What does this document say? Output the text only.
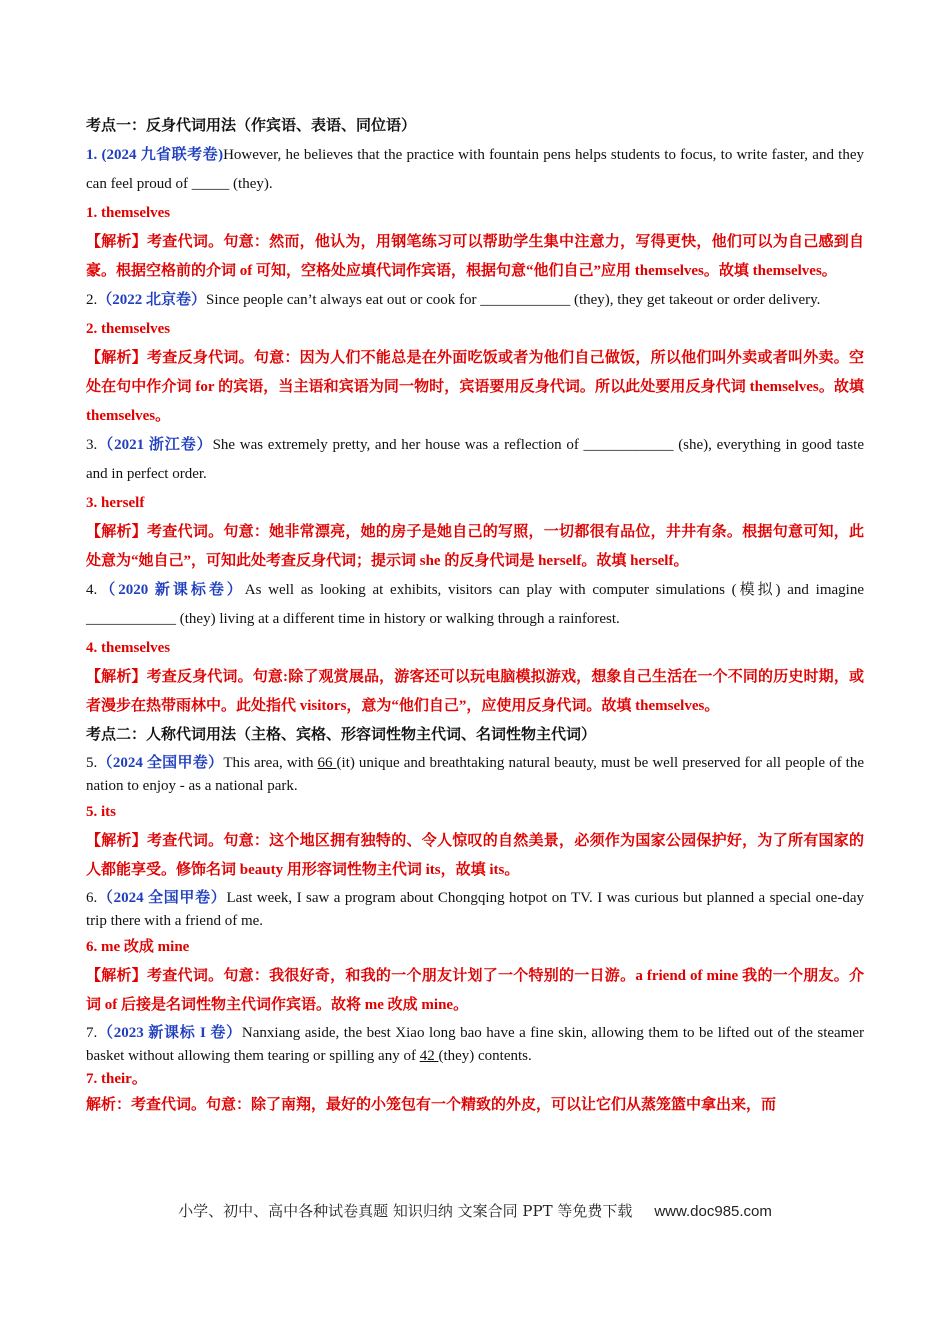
考点一：反身代词用法（作宾语、表语、同位语）
1. (2024 九省联考卷)However, he believes that the practice with fountain pens helps students to focus, to write faster, and they can feel proud of _____ (they).
1. themselves
【解析】考查代词。句意：然而，他认为，用钢笔练习可以帮助学生集中注意力，写得更快，他们可以为自己感到自豪。根据空格前的介词 of 可知，空格处应填代词作宾语，根据句意“他们自己”应用 themselves。故填 themselves。
2.（2022 北京卷）Since people can’t always eat out or cook for ____________ (they), they get takeout or order delivery.
2. themselves
【解析】考查反身代词。句意：因为人们不能总是在外面吃饭或者为他们自己做饭，所以他们叫外卖或者叫外卖。空处在句中作介词 for 的宾语，当主语和宾语为同一物时，宾语要用反身代词。所以此处要用反身代词 themselves。故填 themselves。
3.（2021 浙江卷）She was extremely pretty, and her house was a reflection of ____________ (she), everything in good taste and in perfect order.
3. herself
【解析】考查代词。句意：她非常漂亮，她的房子是她自己的写照，一切都很有品位，井井有条。根据句意可知，此处意为“她自己”，可知此处考查反身代词；提示词 she 的反身代词是 herself。故填 herself。
4.（2020 新课标卷）As well as looking at exhibits, visitors can play with computer simulations (模拟) and imagine ____________ (they) living at a different time in history or walking through a rainforest.
4. themselves
【解析】考查反身代词。句意:除了观赏展品，游客还可以玩电脑模拟游戏，想象自己生活在一个不同的历史时期，或者漫步在热带雨林中。此处指代 visitors，意为“他们自己”，应使用反身代词。故填 themselves。
考点二：人称代词用法（主格、宾格、形容词性物主代词、名词性物主代词）
5.（2024 全国甲卷）This area, with 66 (it) unique and breathtaking natural beauty, must be well preserved for all people of the nation to enjoy - as a national park.
5. its
【解析】考查代词。句意：这个地区拥有独特的、令人惊叹的自然美景，必须作为国家公园保护好，为了所有国家的人都能享受。修饰名词 beauty 用形容词性物主代词 its，故填 its。
6.（2024 全国甲卷）Last week, I saw a program about Chongqing hotpot on TV. I was curious but planned a special one-day trip there with a friend of me.
6. me 改成 mine
【解析】考查代词。句意：我很好奇，和我的一个朋友计划了一个特别的一日游。a friend of mine 我的一个朋友。介词 of 后接是名词性物主代词作宾语。故将 me 改成 mine。
7.（2023 新课标 I 卷）Nanxiang aside, the best Xiao long bao have a fine skin, allowing them to be lifted out of the steamer basket without allowing them tearing or spilling any of 42 (they) contents.
7. their。
解析：考查代词。句意：除了南翔，最好的小笼包有一个精致的外皮，可以让它们从蒸笼篮中拿出来，而
小学、初中、高中各种试卷真题 知识归纳 文案合同 PPT 等免费下载 www.doc985.com
